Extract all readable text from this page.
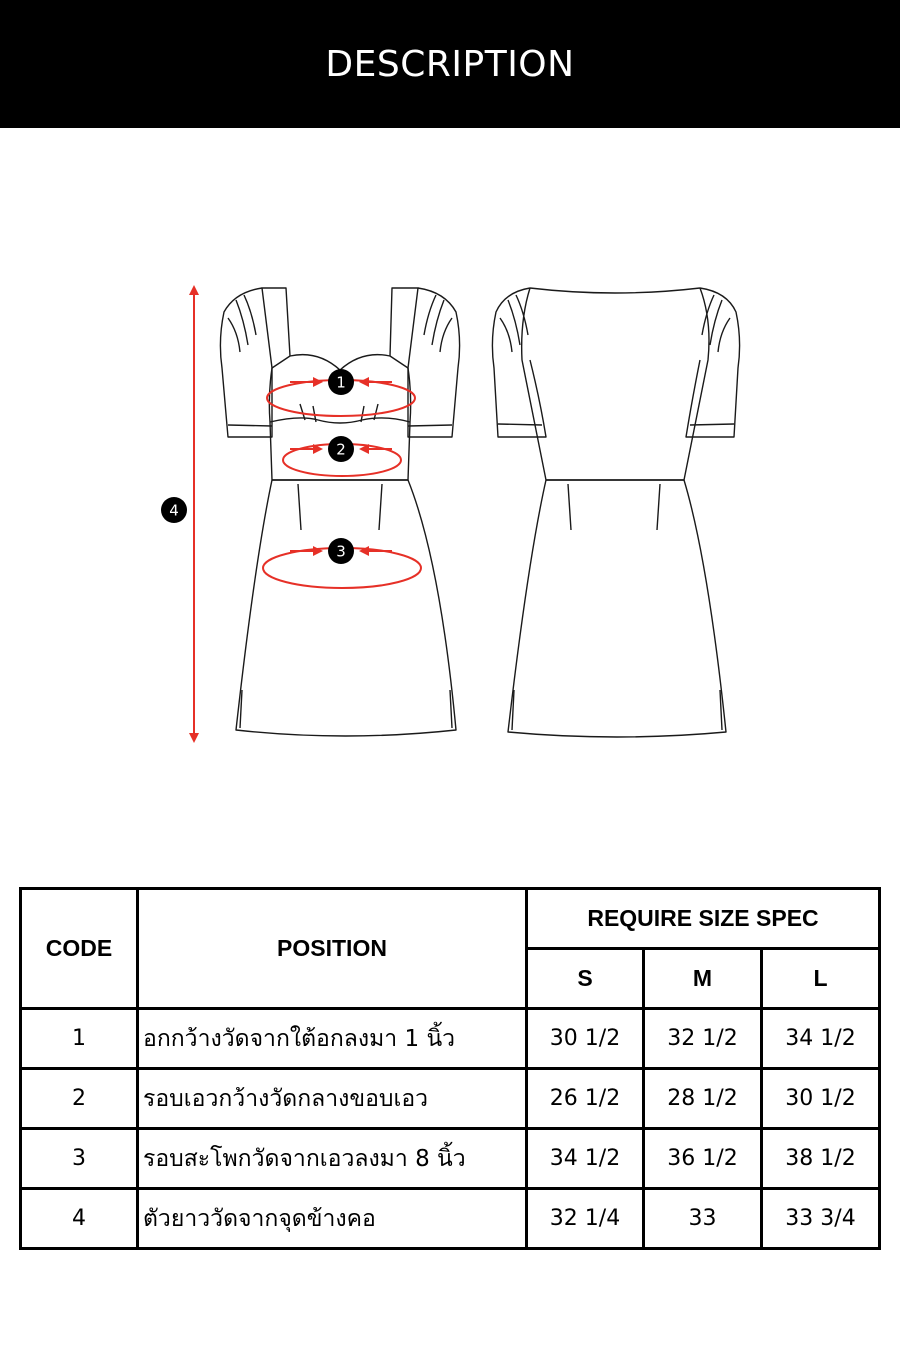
DESCRIPTION
1
2
3
4
CODE	POSITION	REQUIRE SIZE SPEC		
		S	M	L
1	อกกว้างวัดจากใต้อกลงมา 1 นิ้ว	30 1/2	32 1/2	34 1/2
2	รอบเอวกว้างวัดกลางขอบเอว	26 1/2	28 1/2	30 1/2
3	รอบสะโพกวัดจากเอวลงมา 8 นิ้ว	34 1/2	36 1/2	38 1/2
4	ตัวยาววัดจากจุดข้างคอ	32 1/4	33	33 3/4
